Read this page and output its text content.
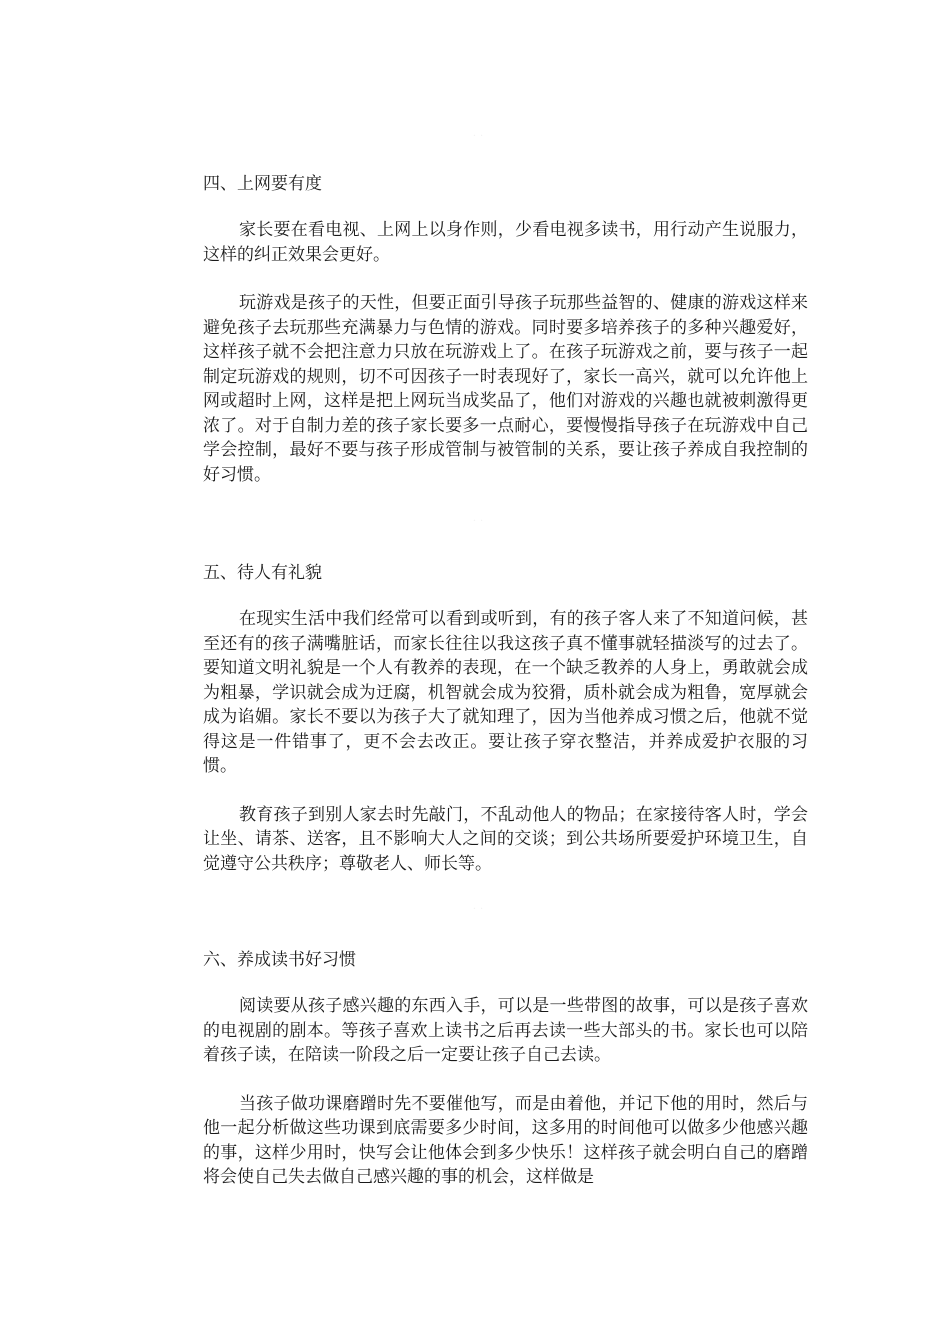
··
四、上网要有度

家长要在看电视、上网上以身作则，少看电视多读书，用行动产生说服力，这样的纠正效果会更好。

玩游戏是孩子的天性，但要正面引导孩子玩那些益智的、健康的游戏这样来避免孩子去玩那些充满暴力与色情的游戏。同时要多培养孩子的多种兴趣爱好，这样孩子就不会把注意力只放在玩游戏上了。在孩子玩游戏之前，要与孩子一起制定玩游戏的规则，切不可因孩子一时表现好了，家长一高兴，就可以允许他上网或超时上网，这样是把上网玩当成奖品了，他们对游戏的兴趣也就被刺激得更浓了。对于自制力差的孩子家长要多一点耐心，要慢慢指导孩子在玩游戏中自己学会控制，最好不要与孩子形成管制与被管制的关系，要让孩子养成自我控制的好习惯。

··
五、待人有礼貌

在现实生活中我们经常可以看到或听到，有的孩子客人来了不知道问候，甚至还有的孩子满嘴脏话，而家长往往以我这孩子真不懂事就轻描淡写的过去了。要知道文明礼貌是一个人有教养的表现，在一个缺乏教养的人身上，勇敢就会成为粗暴，学识就会成为迂腐，机智就会成为狡猾，质朴就会成为粗鲁，宽厚就会成为谄媚。家长不要以为孩子大了就知理了，因为当他养成习惯之后，他就不觉得这是一件错事了，更不会去改正。要让孩子穿衣整洁，并养成爱护衣服的习惯。

教育孩子到别人家去时先敲门，不乱动他人的物品；在家接待客人时，学会让坐、请茶、送客，且不影响大人之间的交谈；到公共场所要爱护环境卫生，自觉遵守公共秩序；尊敬老人、师长等。

··
六、养成读书好习惯

阅读要从孩子感兴趣的东西入手，可以是一些带图的故事，可以是孩子喜欢的电视剧的剧本。等孩子喜欢上读书之后再去读一些大部头的书。家长也可以陪着孩子读，在陪读一阶段之后一定要让孩子自己去读。

当孩子做功课磨蹭时先不要催他写，而是由着他，并记下他的用时，然后与他一起分析做这些功课到底需要多少时间，这多用的时间他可以做多少他感兴趣的事，这样少用时，快写会让他体会到多少快乐！这样孩子就会明白自己的磨蹭将会使自己失去做自己感兴趣的事的机会，这样做是
